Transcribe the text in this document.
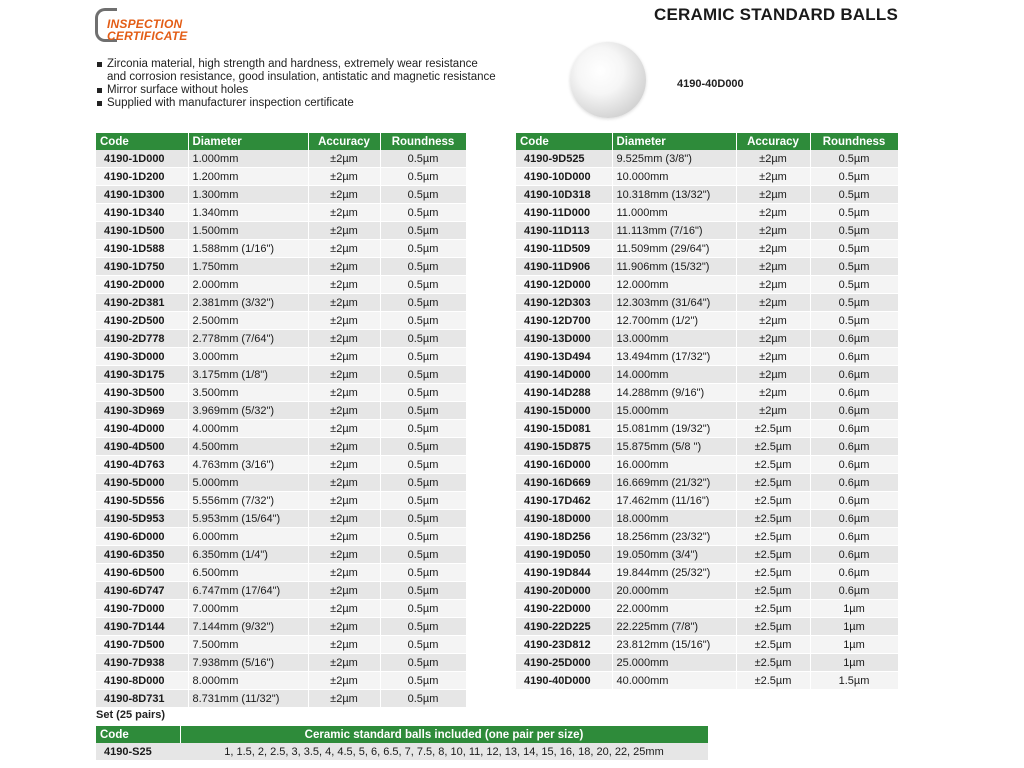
INSPECTION
CERTIFICATE
CERAMIC STANDARD BALLS
Zirconia material, high strength and hardness, extremely wear resistance
and corrosion resistance, good insulation, antistatic and magnetic resistance
Mirror surface without holes
Supplied with manufacturer inspection certificate
4190-40D000
Code	Diameter	Accuracy	Roundness
4190-1D000	1.000mm	±2µm	0.5µm
4190-1D200	1.200mm	±2µm	0.5µm
4190-1D300	1.300mm	±2µm	0.5µm
4190-1D340	1.340mm	±2µm	0.5µm
4190-1D500	1.500mm	±2µm	0.5µm
4190-1D588	1.588mm (1/16")	±2µm	0.5µm
4190-1D750	1.750mm	±2µm	0.5µm
4190-2D000	2.000mm	±2µm	0.5µm
4190-2D381	2.381mm (3/32")	±2µm	0.5µm
4190-2D500	2.500mm	±2µm	0.5µm
4190-2D778	2.778mm (7/64")	±2µm	0.5µm
4190-3D000	3.000mm	±2µm	0.5µm
4190-3D175	3.175mm (1/8")	±2µm	0.5µm
4190-3D500	3.500mm	±2µm	0.5µm
4190-3D969	3.969mm (5/32")	±2µm	0.5µm
4190-4D000	4.000mm	±2µm	0.5µm
4190-4D500	4.500mm	±2µm	0.5µm
4190-4D763	4.763mm (3/16")	±2µm	0.5µm
4190-5D000	5.000mm	±2µm	0.5µm
4190-5D556	5.556mm (7/32")	±2µm	0.5µm
4190-5D953	5.953mm (15/64")	±2µm	0.5µm
4190-6D000	6.000mm	±2µm	0.5µm
4190-6D350	6.350mm (1/4")	±2µm	0.5µm
4190-6D500	6.500mm	±2µm	0.5µm
4190-6D747	6.747mm (17/64")	±2µm	0.5µm
4190-7D000	7.000mm	±2µm	0.5µm
4190-7D144	7.144mm (9/32")	±2µm	0.5µm
4190-7D500	7.500mm	±2µm	0.5µm
4190-7D938	7.938mm (5/16")	±2µm	0.5µm
4190-8D000	8.000mm	±2µm	0.5µm
4190-8D731	8.731mm (11/32")	±2µm	0.5µm
Code	Diameter	Accuracy	Roundness
4190-9D525	9.525mm (3/8")	±2µm	0.5µm
4190-10D000	10.000mm	±2µm	0.5µm
4190-10D318	10.318mm (13/32")	±2µm	0.5µm
4190-11D000	11.000mm	±2µm	0.5µm
4190-11D113	11.113mm (7/16")	±2µm	0.5µm
4190-11D509	11.509mm (29/64")	±2µm	0.5µm
4190-11D906	11.906mm (15/32")	±2µm	0.5µm
4190-12D000	12.000mm	±2µm	0.5µm
4190-12D303	12.303mm (31/64")	±2µm	0.5µm
4190-12D700	12.700mm (1/2")	±2µm	0.5µm
4190-13D000	13.000mm	±2µm	0.6µm
4190-13D494	13.494mm (17/32")	±2µm	0.6µm
4190-14D000	14.000mm	±2µm	0.6µm
4190-14D288	14.288mm (9/16")	±2µm	0.6µm
4190-15D000	15.000mm	±2µm	0.6µm
4190-15D081	15.081mm (19/32")	±2.5µm	0.6µm
4190-15D875	15.875mm (5/8 ")	±2.5µm	0.6µm
4190-16D000	16.000mm	±2.5µm	0.6µm
4190-16D669	16.669mm (21/32")	±2.5µm	0.6µm
4190-17D462	17.462mm (11/16")	±2.5µm	0.6µm
4190-18D000	18.000mm	±2.5µm	0.6µm
4190-18D256	18.256mm (23/32")	±2.5µm	0.6µm
4190-19D050	19.050mm (3/4")	±2.5µm	0.6µm
4190-19D844	19.844mm (25/32")	±2.5µm	0.6µm
4190-20D000	20.000mm	±2.5µm	0.6µm
4190-22D000	22.000mm	±2.5µm	1µm
4190-22D225	22.225mm (7/8")	±2.5µm	1µm
4190-23D812	23.812mm (15/16")	±2.5µm	1µm
4190-25D000	25.000mm	±2.5µm	1µm
4190-40D000	40.000mm	±2.5µm	1.5µm
Set (25 pairs)
Code	Ceramic standard balls included (one pair per size)
4190-S25	1, 1.5, 2, 2.5, 3, 3.5, 4, 4.5, 5, 6, 6.5, 7, 7.5, 8, 10, 11, 12, 13, 14, 15, 16, 18, 20, 22, 25mm
